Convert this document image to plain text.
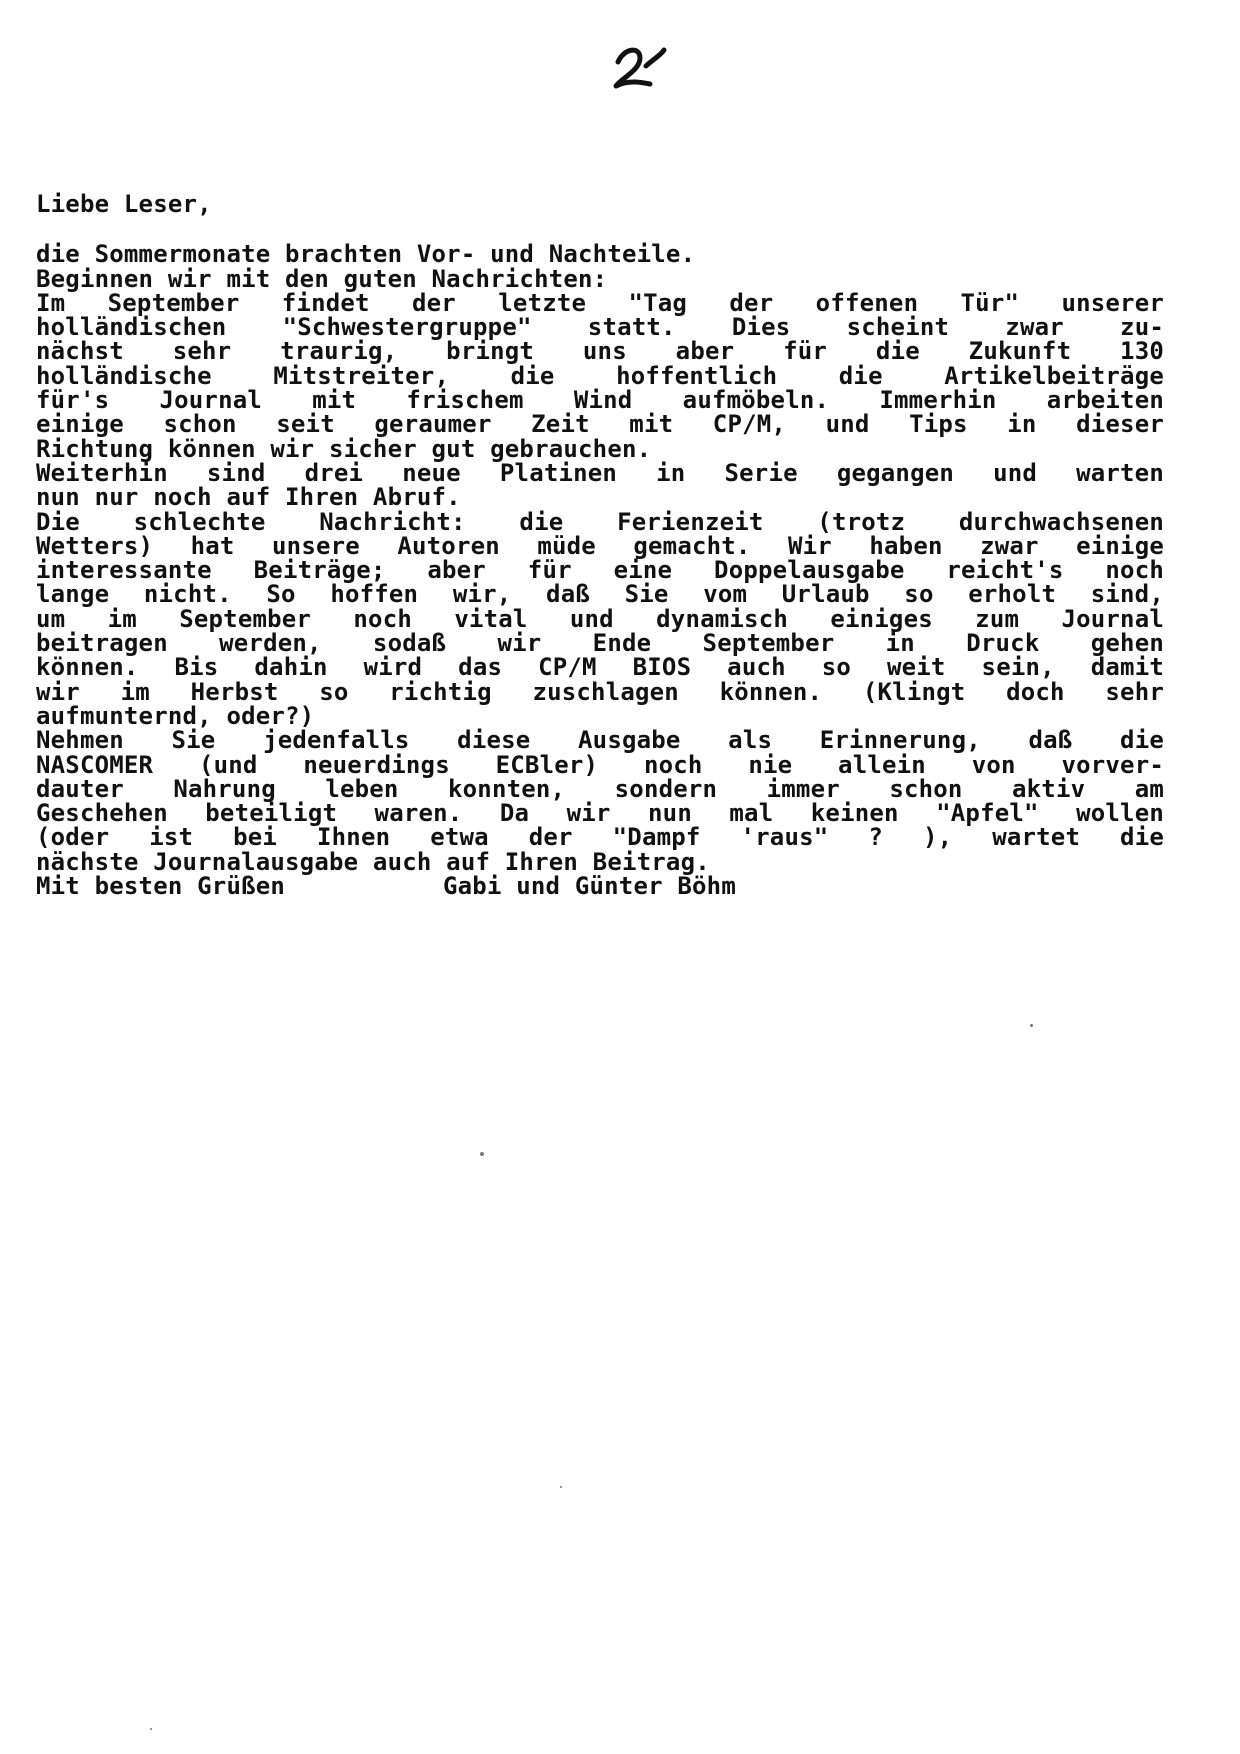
Liebe Leser,
die Sommermonate brachten Vor- und Nachteile.
Beginnen wir mit den guten Nachrichten:
Im September findet der letzte "Tag der offenen Tür" unserer
holländischen "Schwestergruppe" statt. Dies scheint zwar zu-
nächst sehr traurig, bringt uns aber für die Zukunft 130
holländische Mitstreiter, die hoffentlich die Artikelbeiträge
für's Journal mit frischem Wind aufmöbeln. Immerhin arbeiten
einige schon seit geraumer Zeit mit CP/M, und Tips in dieser
Richtung können wir sicher gut gebrauchen.
Weiterhin sind drei neue Platinen in Serie gegangen und warten
nun nur noch auf Ihren Abruf.
Die schlechte Nachricht: die Ferienzeit (trotz durchwachsenen
Wetters) hat unsere Autoren müde gemacht. Wir haben zwar einige
interessante Beiträge; aber für eine Doppelausgabe reicht's noch
lange nicht. So hoffen wir, daß Sie vom Urlaub so erholt sind,
um im September noch vital und dynamisch einiges zum Journal
beitragen werden, sodaß wir Ende September in Druck gehen
können. Bis dahin wird das CP/M BIOS auch so weit sein, damit
wir im Herbst so richtig zuschlagen können. (Klingt doch sehr
aufmunternd, oder?)
Nehmen Sie jedenfalls diese Ausgabe als Erinnerung, daß die
NASCOMER (und neuerdings ECBler) noch nie allein von vorver-
dauter Nahrung leben konnten, sondern immer schon aktiv am
Geschehen beteiligt waren. Da wir nun mal keinen "Apfel" wollen
(oder ist bei Ihnen etwa der "Dampf 'raus" ? ), wartet die
nächste Journalausgabe auch auf Ihren Beitrag.
Mit besten Grüßen	Gabi und Günter Böhm
